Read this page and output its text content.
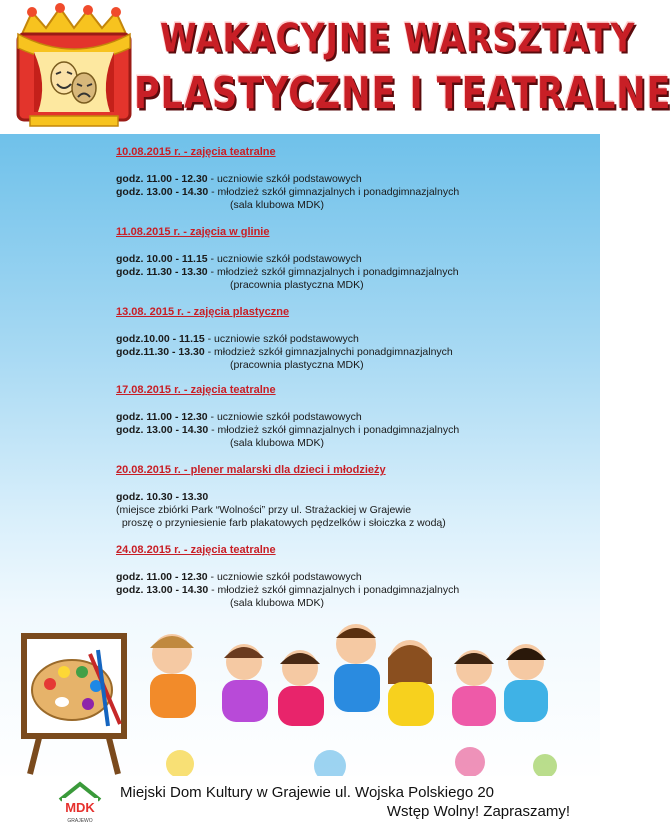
WAKACYJNE WARSZTATY
PLASTYCZNE I TEATRALNE
10.08.2015 r. - zajęcia teatralne
godz. 11.00 - 12.30 - uczniowie szkół podstawowych
godz. 13.00 - 14.30 - młodzież szkół gimnazjalnych i ponadgimnazjalnych
(sala klubowa MDK)
11.08.2015 r. - zajęcia w glinie
godz. 10.00 - 11.15 - uczniowie szkół podstawowych
godz. 11.30 - 13.30 - młodzież szkół gimnazjalnych i ponadgimnazjalnych
(pracownia plastyczna MDK)
13.08. 2015 r. - zajęcia plastyczne
godz.10.00 - 11.15 - uczniowie szkół podstawowych
godz.11.30 - 13.30 - młodzież szkół gimnazjalnychi ponadgimnazjalnych
(pracownia plastyczna MDK)
17.08.2015 r. - zajęcia teatralne
godz. 11.00 - 12.30 - uczniowie szkół podstawowych
godz. 13.00 - 14.30 - młodzież szkół gimnazjalnych i ponadgimnazjalnych
(sala klubowa MDK)
20.08.2015 r. - plener malarski dla dzieci i młodzieży
godz. 10.30 - 13.30
(miejsce zbiórki Park “Wolności” przy ul. Strażackiej w Grajewie
proszę o przyniesienie farb plakatowych pędzelków i słoiczka z wodą)
24.08.2015 r. - zajęcia teatralne
godz. 11.00 - 12.30 - uczniowie szkół podstawowych
godz. 13.00 - 14.30 - młodzież szkół gimnazjalnych i ponadgimnazjalnych
(sala klubowa MDK)
MDK
GRAJEWO
Miejski Dom Kultury w Grajewie ul. Wojska Polskiego 20
Wstęp Wolny! Zapraszamy!
